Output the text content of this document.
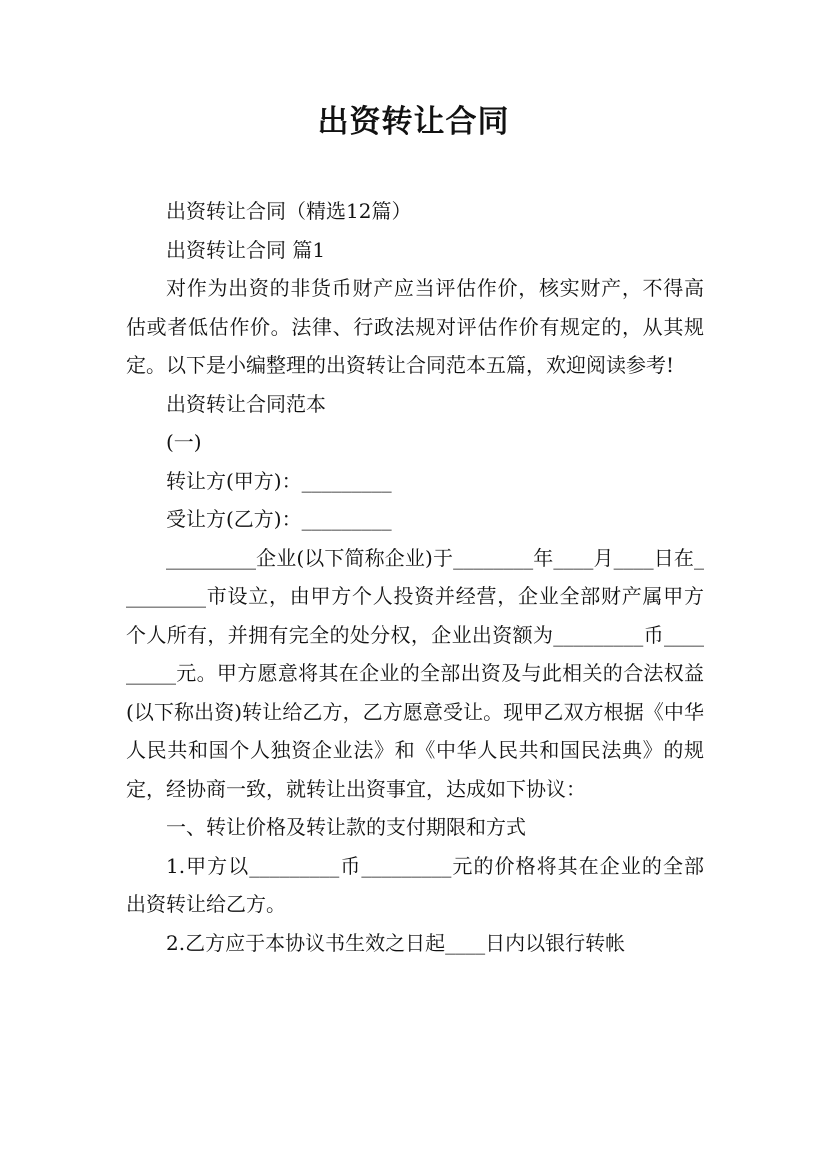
出资转让合同

出资转让合同（精选12篇）

出资转让合同 篇1

对作为出资的非货币财产应当评估作价，核实财产，不得高估或者低估作价。法律、行政法规对评估作价有规定的，从其规定。以下是小编整理的出资转让合同范本五篇，欢迎阅读参考!

出资转让合同范本

(一)

转让方(甲方)：_________

受让方(乙方)：_________

_________企业(以下简称企业)于________年____月____日在_________市设立，由甲方个人投资并经营，企业全部财产属甲方个人所有，并拥有完全的处分权，企业出资额为_________币_________元。甲方愿意将其在企业的全部出资及与此相关的合法权益(以下称出资)转让给乙方，乙方愿意受让。现甲乙双方根据《中华人民共和国个人独资企业法》和《中华人民共和国民法典》的规定，经协商一致，就转让出资事宜，达成如下协议：

一、转让价格及转让款的支付期限和方式

1.甲方以_________币_________元的价格将其在企业的全部出资转让给乙方。

2.乙方应于本协议书生效之日起____日内以银行转帐
